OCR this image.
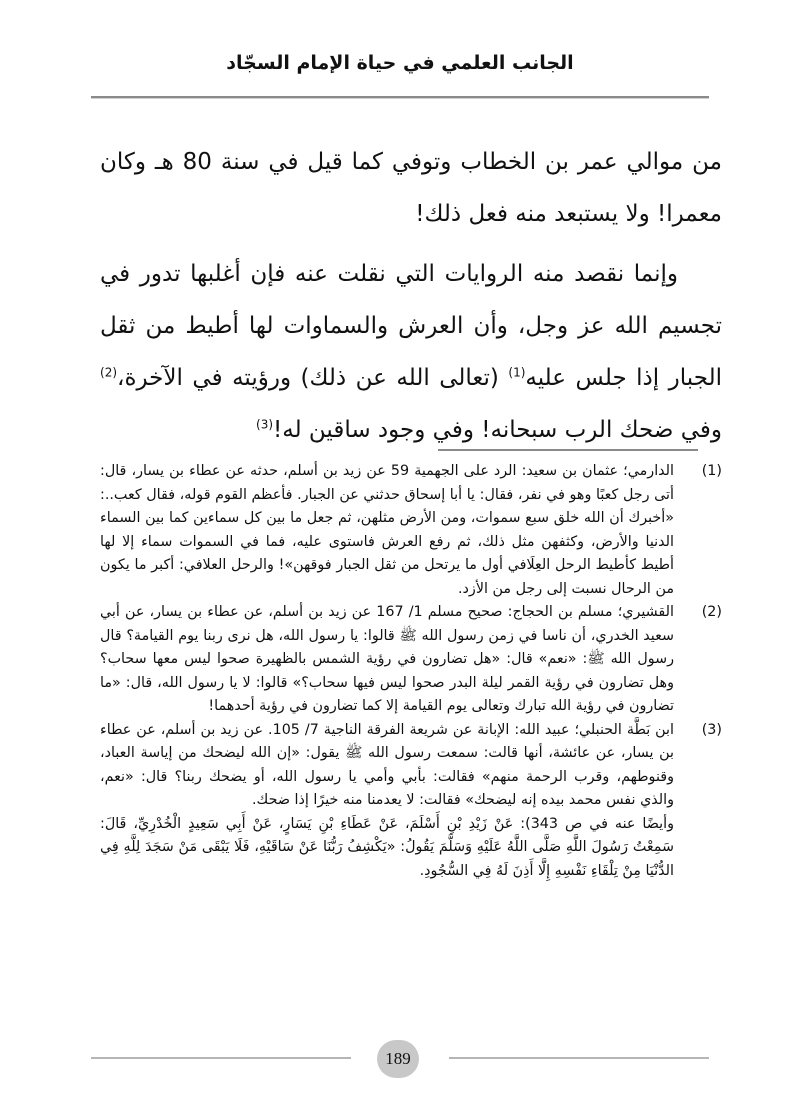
الجانب العلمي في حياة الإمام السجّاد

من موالي عمر بن الخطاب وتوفي كما قيل في سنة 80 هـ وكان معمرا! ولا يستبعد منه فعل ذلك!

وإنما نقصد منه الروايات التي نقلت عنه فإن أغلبها تدور في تجسيم الله عز وجل، وأن العرش والسماوات لها أطيط من ثقل الجبار إذا جلس عليه$^{(1)}$ (تعالى الله عن ذلك) ورؤيته في الآخرة،$^{(2)}$ وفي ضحك الرب سبحانه! وفي وجود ساقين له!$^{(3)}$

(1)
الدارمي؛ عثمان بن سعيد: الرد على الجهمية 59 عن زيد بن أسلم، حدثه عن عطاء بن يسار، قال: أتى رجل كعبًا وهو في نفر، فقال: يا أبا إسحاق حدثني عن الجبار. فأعظم القوم قوله، فقال كعب..: «أخبرك أن الله خلق سبع سموات، ومن الأرض مثلهن، ثم جعل ما بين كل سماءين كما بين السماء الدنيا والأرض، وكثفهن مثل ذلك، ثم رفع العرش فاستوى عليه، فما في السموات سماء إلا لها أطيط كأطيط الرحل العِلَافي أول ما يرتحل من ثقل الجبار فوقهن»! والرحل العلافي: أكبر ما يكون من الرحال نسبت إلى رجل من الأزد.
(2)
القشيري؛ مسلم بن الحجاج: صحيح مسلم 1/ 167 عن زيد بن أسلم، عن عطاء بن يسار، عن أبي سعيد الخدري، أن ناسا في زمن رسول الله ﷺ قالوا: يا رسول الله، هل نرى ربنا يوم القيامة؟ قال رسول الله ﷺ: «نعم» قال: «هل تضارون في رؤية الشمس بالظهيرة صحوا ليس معها سحاب؟ وهل تضارون في رؤية القمر ليلة البدر صحوا ليس فيها سحاب؟» قالوا: لا يا رسول الله، قال: «ما تضارون في رؤية الله تبارك وتعالى يوم القيامة إلا كما تضارون في رؤية أحدهما!
(3)
ابن بَطَّة الحنبلي؛ عبيد الله: الإبانة عن شريعة الفرقة الناجية 7/ 105. عن زيد بن أسلم، عن عطاء بن يسار، عن عائشة، أنها قالت: سمعت رسول الله ﷺ يقول: «إن الله ليضحك من إياسة العباد، وقنوطهم، وقرب الرحمة منهم» فقالت: بأبي وأمي يا رسول الله، أو يضحك ربنا؟ قال: «نعم، والذي نفس محمد بيده إنه ليضحك» فقالت: لا يعدمنا منه خيرًا إذا ضحك.
وأيضًا عنه في ص 343): عَنْ زَيْدِ بْنِ أَسْلَمَ، عَنْ عَطَاءِ بْنِ يَسَارٍ، عَنْ أَبِي سَعِيدٍ الْخُدْرِيِّ، قَالَ: سَمِعْتُ رَسُولَ اللَّهِ صَلَّى اللَّهُ عَلَيْهِ وَسَلَّمَ يَقُولُ: «يَكْشِفُ رَبُّنَا عَنْ سَاقَيْهِ، فَلَا يَبْقَى مَنْ سَجَدَ لِلَّهِ فِي الدُّنْيَا مِنْ تِلْقَاءِ نَفْسِهِ إِلَّا أَذِنَ لَهُ فِي السُّجُودِ.
189
